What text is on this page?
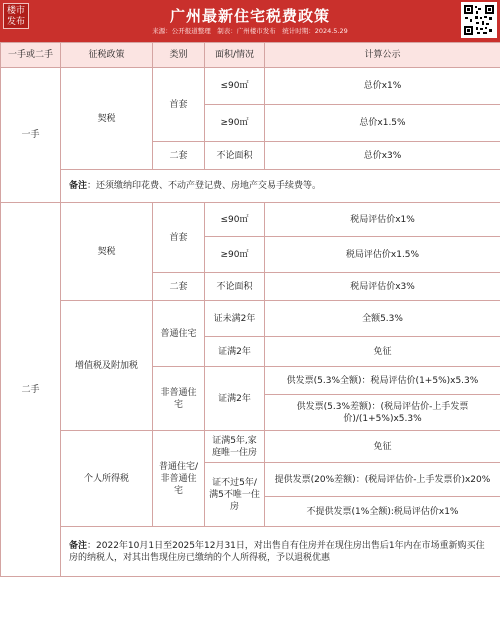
楼市发布	广州最新住宅税费政策
来源：公开报道整理　制表：广州楼市发布　统计时期：2024.5.29
一手或二手	征税政策	类别	面积/情况	计算公示
一手	契税	首套	≤90㎡	总价x1%
			≥90㎡	总价x1.5%
		二套	不论面积	总价x3%
	备注：还须缴纳印花费、不动产登记费、房地产交易手续费等。			
二手	契税	首套	≤90㎡	税局评估价x1%
			≥90㎡	税局评估价x1.5%
		二套	不论面积	税局评估价x3%
	增值税及附加税	普通住宅	证未满2年	全额5.3%
			证满2年	免征
		非普通住宅	证满2年	供发票(5.3%全额)：税局评估价(1+5%)x5.3%
				供发票(5.3%差额)：(税局评估价-上手发票价)/(1+5%)x5.3%
	个人所得税	普通住宅/非普通住宅	证满5年,家庭唯一住房	免征
			证不过5年/满5不唯一住房	提供发票(20%差额)：(税局评估价-上手发票价)x20%
				不提供发票(1%全额):税局评估价x1%
	备注：2022年10月1日至2025年12月31日，对出售自有住房并在现住房出售后1年内在市场重新购买住房的纳税人，对其出售现住房已缴纳的个人所得税，予以退税优惠			
